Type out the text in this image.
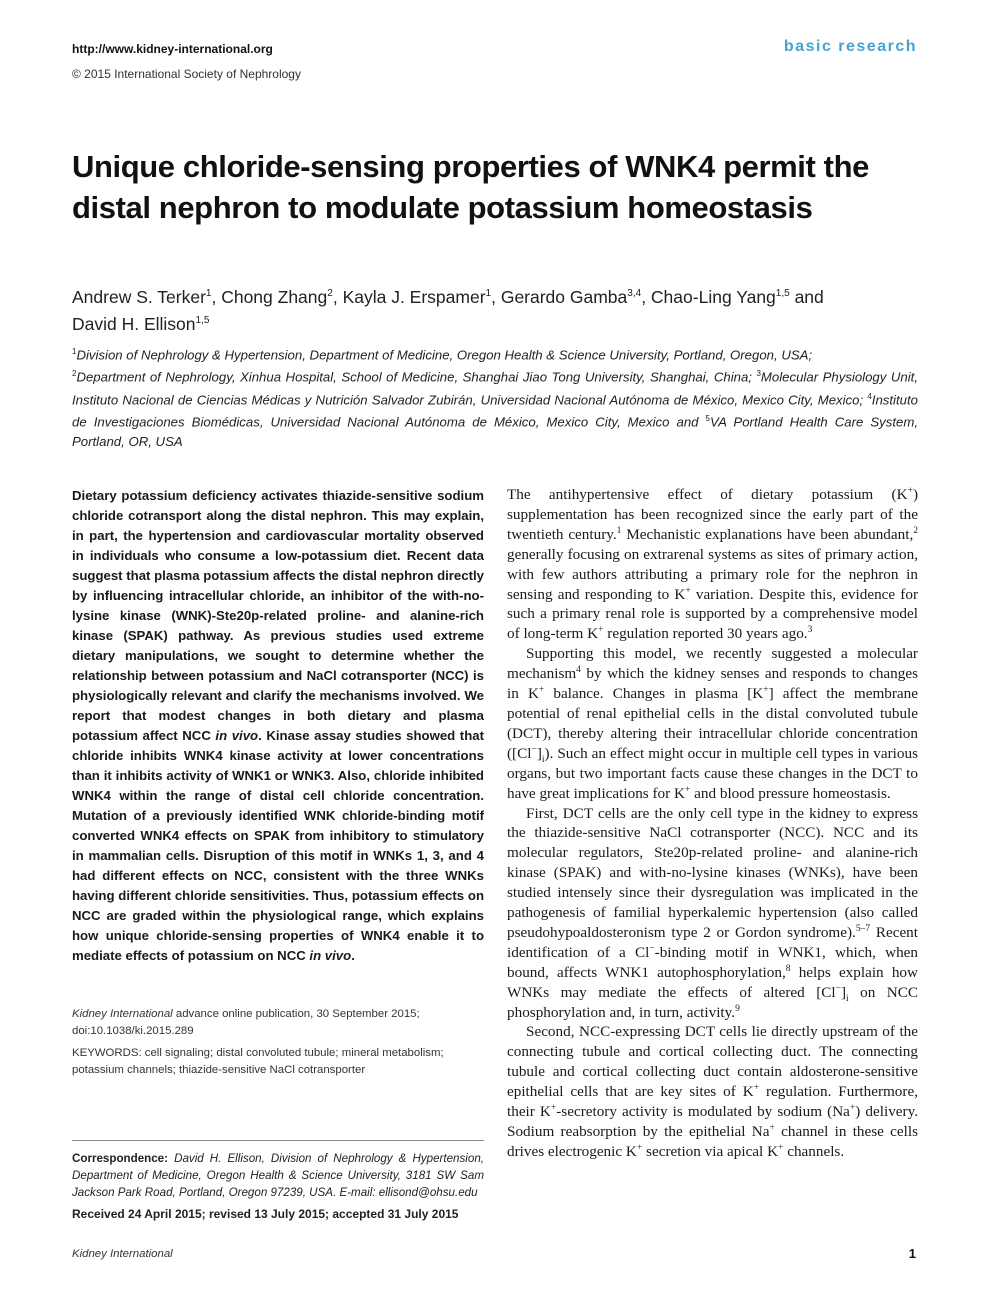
http://www.kidney-international.org	basic research
© 2015 International Society of Nephrology
Unique chloride-sensing properties of WNK4 permit the distal nephron to modulate potassium homeostasis
Andrew S. Terker$^1$, Chong Zhang$^2$, Kayla J. Erspamer$^1$, Gerardo Gamba$^{3,4}$, Chao-Ling Yang$^{1,5}$ and
David H. Ellison$^{1,5}$
$^1$Division of Nephrology & Hypertension, Department of Medicine, Oregon Health & Science University, Portland, Oregon, USA;
$^2$Department of Nephrology, Xinhua Hospital, School of Medicine, Shanghai Jiao Tong University, Shanghai, China; $^3$Molecular Physiology Unit, Instituto Nacional de Ciencias Médicas y Nutrición Salvador Zubirán, Universidad Nacional Autónoma de México, Mexico City, Mexico; $^4$Instituto de Investigaciones Biomédicas, Universidad Nacional Autónoma de México, Mexico City, Mexico and $^5$VA Portland Health Care System, Portland, OR, USA
Dietary potassium deficiency activates thiazide-sensitive sodium chloride cotransport along the distal nephron. This may explain, in part, the hypertension and cardiovascular mortality observed in individuals who consume a low-potassium diet. Recent data suggest that plasma potassium affects the distal nephron directly by influencing intracellular chloride, an inhibitor of the with-no-lysine kinase (WNK)-Ste20p-related proline- and alanine-rich kinase (SPAK) pathway. As previous studies used extreme dietary manipulations, we sought to determine whether the relationship between potassium and NaCl cotransporter (NCC) is physiologically relevant and clarify the mechanisms involved. We report that modest changes in both dietary and plasma potassium affect NCC in vivo. Kinase assay studies showed that chloride inhibits WNK4 kinase activity at lower concentrations than it inhibits activity of WNK1 or WNK3. Also, chloride inhibited WNK4 within the range of distal cell chloride concentration. Mutation of a previously identified WNK chloride-binding motif converted WNK4 effects on SPAK from inhibitory to stimulatory in mammalian cells. Disruption of this motif in WNKs 1, 3, and 4 had different effects on NCC, consistent with the three WNKs having different chloride sensitivities. Thus, potassium effects on NCC are graded within the physiological range, which explains how unique chloride-sensing properties of WNK4 enable it to mediate effects of potassium on NCC in vivo.
Kidney International advance online publication, 30 September 2015;
doi:10.1038/ki.2015.289
KEYWORDS: cell signaling; distal convoluted tubule; mineral metabolism; potassium channels; thiazide-sensitive NaCl cotransporter
Correspondence: David H. Ellison, Division of Nephrology & Hypertension, Department of Medicine, Oregon Health & Science University, 3181 SW Sam Jackson Park Road, Portland, Oregon 97239, USA. E-mail: ellisond@ohsu.edu
Received 24 April 2015; revised 13 July 2015; accepted 31 July 2015

The antihypertensive effect of dietary potassium (K+) supplementation has been recognized since the early part of the twentieth century.$^1$ Mechanistic explanations have been abundant,$^2$ generally focusing on extrarenal systems as sites of primary action, with few authors attributing a primary role for the nephron in sensing and responding to K+ variation. Despite this, evidence for such a primary renal role is supported by a comprehensive model of long-term K+ regulation reported 30 years ago.$^3$

Supporting this model, we recently suggested a molecular mechanism$^4$ by which the kidney senses and responds to changes in K+ balance. Changes in plasma [K+] affect the membrane potential of renal epithelial cells in the distal convoluted tubule (DCT), thereby altering their intracellular chloride concentration $([Cl^-]_i)$. Such an effect might occur in multiple cell types in various organs, but two important facts cause these changes in the DCT to have great implications for K+ and blood pressure homeostasis.

First, DCT cells are the only cell type in the kidney to express the thiazide-sensitive NaCl cotransporter (NCC). NCC and its molecular regulators, Ste20p-related proline- and alanine-rich kinase (SPAK) and with-no-lysine kinases (WNKs), have been studied intensely since their dysregulation was implicated in the pathogenesis of familial hyperkalemic hypertension (also called pseudohypoaldosteronism type 2 or Gordon syndrome).$^{5-7}$ Recent identification of a Cl−-binding motif in WNK1, which, when bound, affects WNK1 autophosphorylation,$^8$ helps explain how WNKs may mediate the effects of altered $[Cl^-]_i$ on NCC phosphorylation and, in turn, activity.$^9$

Second, NCC-expressing DCT cells lie directly upstream of the connecting tubule and cortical collecting duct. The connecting tubule and cortical collecting duct contain aldosterone-sensitive epithelial cells that are key sites of K+ regulation. Furthermore, their K+-secretory activity is modulated by sodium (Na+) delivery. Sodium reabsorption by the epithelial Na+ channel in these cells drives electrogenic K+ secretion via apical K+ channels.

Kidney International	1
